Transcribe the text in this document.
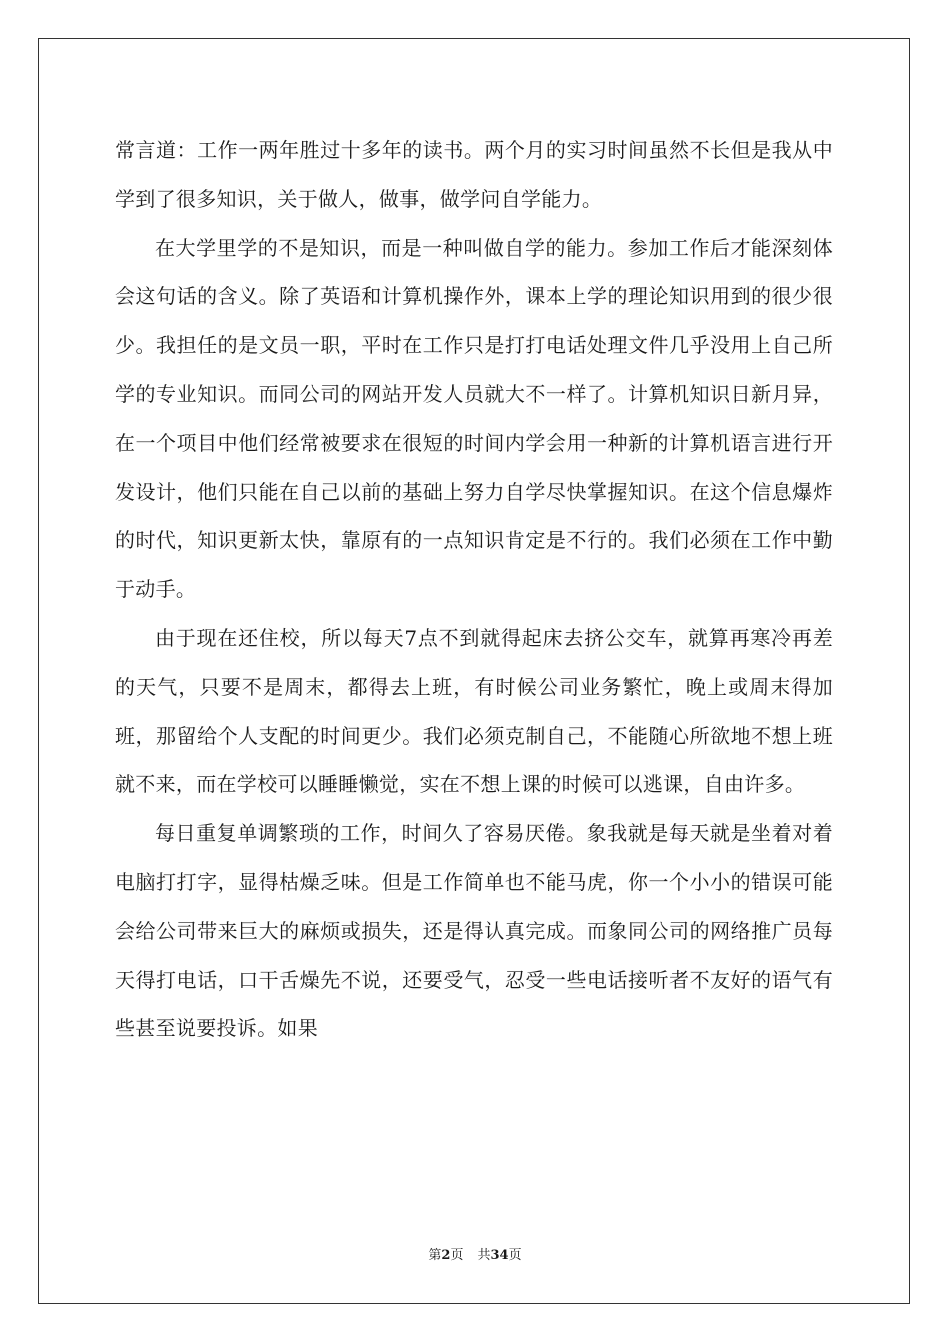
常言道：工作一两年胜过十多年的读书。两个月的实习时间虽然不长但是我从中学到了很多知识，关于做人，做事，做学问自学能力。

在大学里学的不是知识，而是一种叫做自学的能力。参加工作后才能深刻体会这句话的含义。除了英语和计算机操作外，课本上学的理论知识用到的很少很少。我担任的是文员一职，平时在工作只是打打电话处理文件几乎没用上自己所学的专业知识。而同公司的网站开发人员就大不一样了。计算机知识日新月异，在一个项目中他们经常被要求在很短的时间内学会用一种新的计算机语言进行开发设计，他们只能在自己以前的基础上努力自学尽快掌握知识。在这个信息爆炸的时代，知识更新太快，靠原有的一点知识肯定是不行的。我们必须在工作中勤于动手。

由于现在还住校，所以每天7点不到就得起床去挤公交车，就算再寒冷再差的天气，只要不是周末，都得去上班，有时候公司业务繁忙，晚上或周末得加班，那留给个人支配的时间更少。我们必须克制自己，不能随心所欲地不想上班就不来，而在学校可以睡睡懒觉，实在不想上课的时候可以逃课，自由许多。

每日重复单调繁琐的工作，时间久了容易厌倦。象我就是每天就是坐着对着电脑打打字，显得枯燥乏味。但是工作简单也不能马虎，你一个小小的错误可能会给公司带来巨大的麻烦或损失，还是得认真完成。而象同公司的网络推广员每天得打电话，口干舌燥先不说，还要受气，忍受一些电话接听者不友好的语气有些甚至说要投诉。如果

第2页 共34页
